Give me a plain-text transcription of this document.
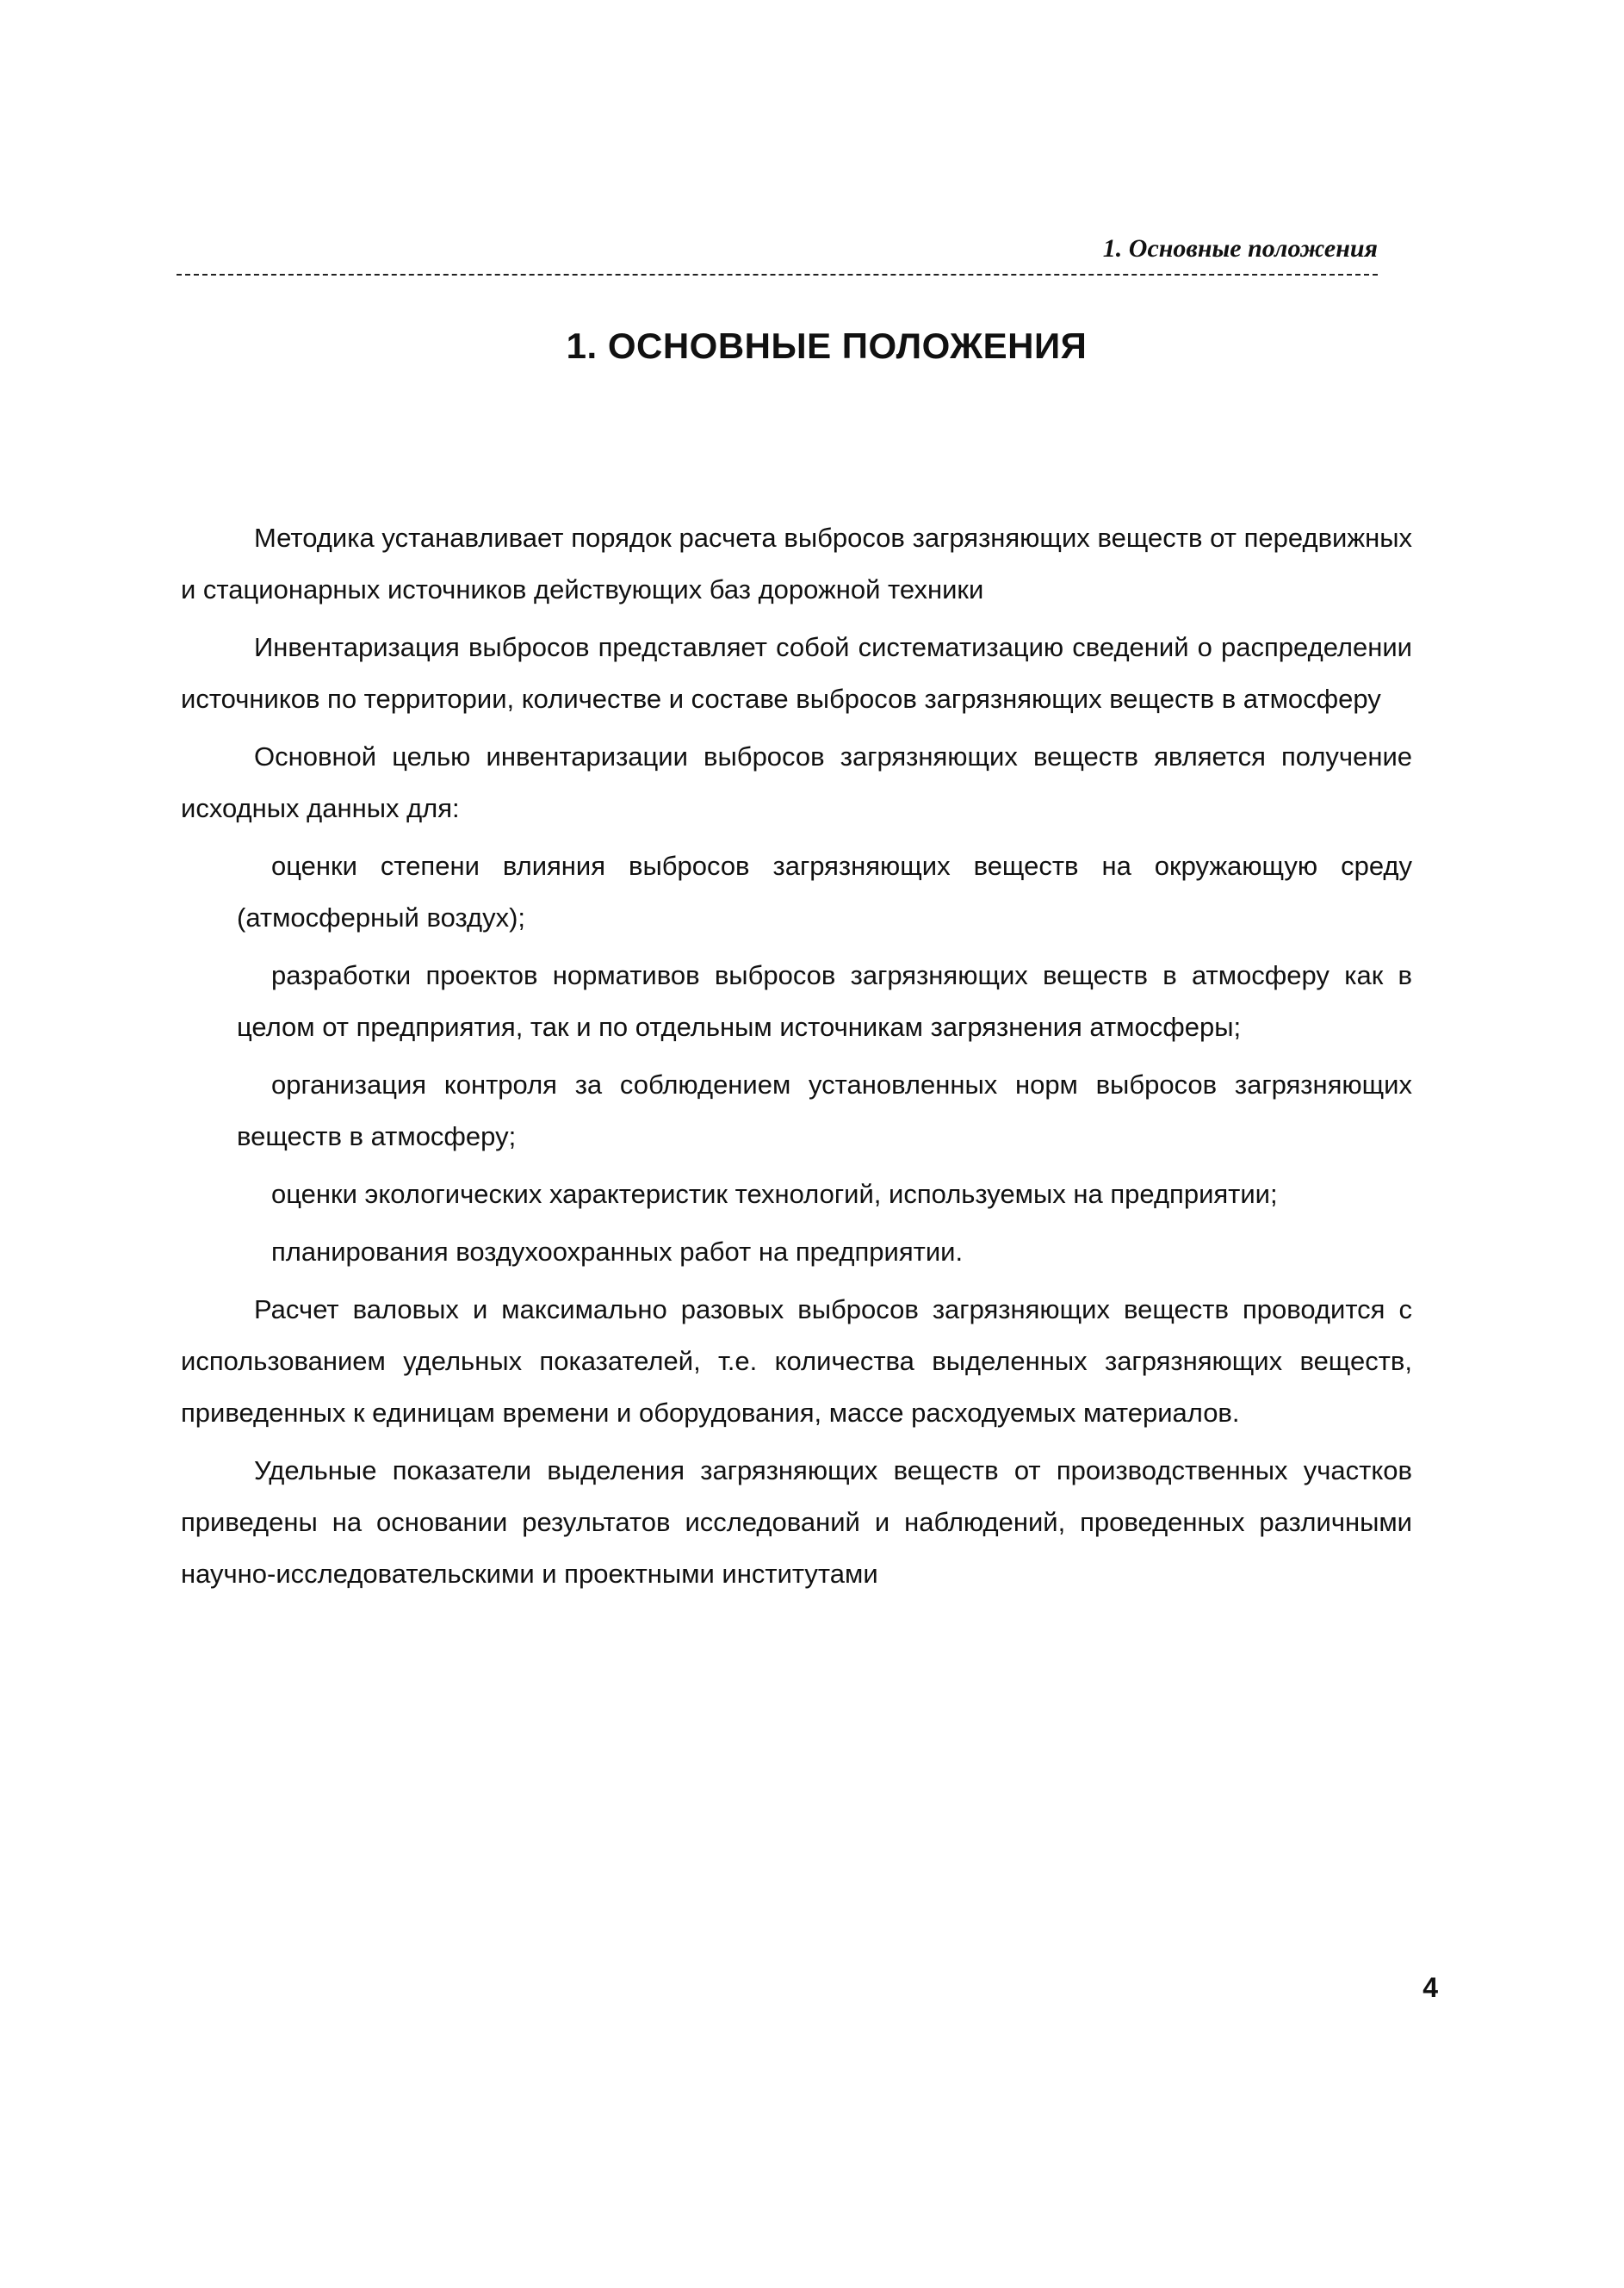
1. Основные положения
1. ОСНОВНЫЕ ПОЛОЖЕНИЯ

Методика устанавливает порядок расчета выбросов загрязняющих веществ от передвижных и стационарных источников действующих баз дорожной техники

Инвентаризация выбросов представляет собой систематизацию сведений о распределении источников по территории, количестве и составе выбросов загрязняющих веществ в атмосферу

Основной целью инвентаризации выбросов загрязняющих веществ является получение исходных данных для:

оценки степени влияния выбросов загрязняющих веществ на окружающую среду (атмосферный воздух);

разработки проектов нормативов выбросов загрязняющих веществ в атмосферу как в целом от предприятия, так и по отдельным источникам загрязнения атмосферы;

организация контроля за соблюдением установленных норм выбросов загрязняющих веществ в атмосферу;

оценки экологических характеристик технологий, используемых на предприятии;

планирования воздухоохранных работ на предприятии.

Расчет валовых и максимально разовых выбросов загрязняющих веществ проводится с использованием удельных показателей, т.е. количества выделенных загрязняющих веществ, приведенных к единицам времени и оборудования, массе расходуемых материалов.

Удельные показатели выделения загрязняющих веществ от производственных участков приведены на основании результатов исследований и наблюдений, проведенных различными научно-исследовательскими и проектными институтами

4
